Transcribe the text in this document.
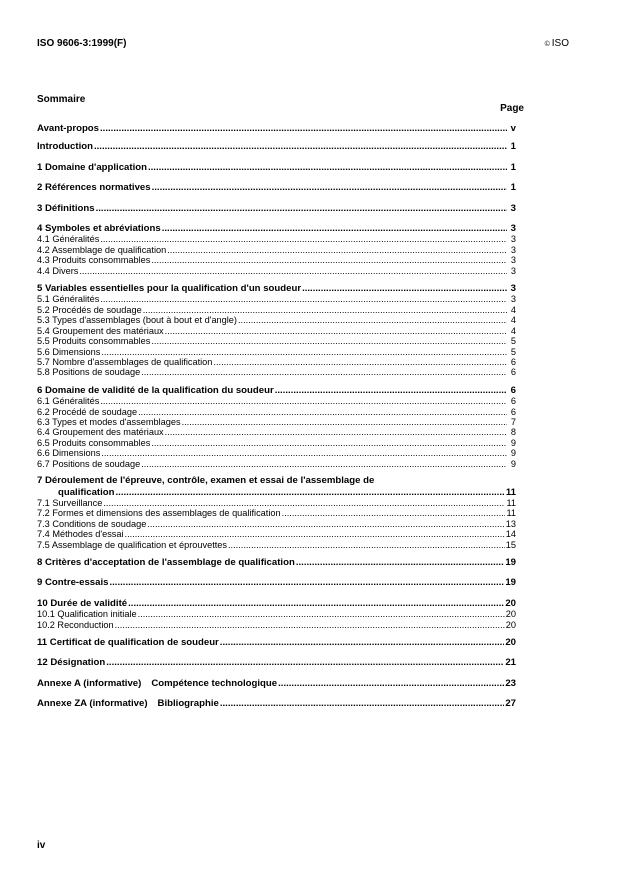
ISO 9606-3:1999(F)	© ISO
Sommaire
Page
Avant-propos .....	v
Introduction .....	1
1 Domaine d'application .....	1
2 Références normatives .....	1
3 Définitions .....	3
4 Symboles et abréviations .....	3
4.1 Généralités .....	3
4.2 Assemblage de qualification .....	3
4.3 Produits consommables .....	3
4.4 Divers .....	3
5 Variables essentielles pour la qualification d'un soudeur .....	3
5.1 Généralités .....	3
5.2 Procédés de soudage .....	4
5.3 Types d'assemblages (bout à bout et d'angle) .....	4
5.4 Groupement des matériaux .....	4
5.5 Produits consommables .....	5
5.6 Dimensions .....	5
5.7 Nombre d'assemblages de qualification .....	6
5.8 Positions de soudage .....	6
6 Domaine de validité de la qualification du soudeur .....	6
6.1 Généralités .....	6
6.2 Procédé de soudage .....	6
6.3 Types et modes d'assemblages .....	7
6.4 Groupement des matériaux .....	8
6.5 Produits consommables .....	9
6.6 Dimensions .....	9
6.7 Positions de soudage .....	9
7 Déroulement de l'épreuve, contrôle, examen et essai de l'assemblage de
qualification .....	11
7.1 Surveillance .....	11
7.2 Formes et dimensions des assemblages de qualification .....	11
7.3 Conditions de soudage .....	13
7.4 Méthodes d'essai .....	14
7.5 Assemblage de qualification et éprouvettes .....	15
8 Critères d'acceptation de l'assemblage de qualification .....	19
9 Contre-essais .....	19
10 Durée de validité .....	20
10.1 Qualification initiale .....	20
10.2 Reconduction .....	20
11 Certificat de qualification de soudeur .....	20
12 Désignation .....	21
Annexe A (informative) Compétence technologique .....	23
Annexe ZA (informative) Bibliographie .....	27
iv
